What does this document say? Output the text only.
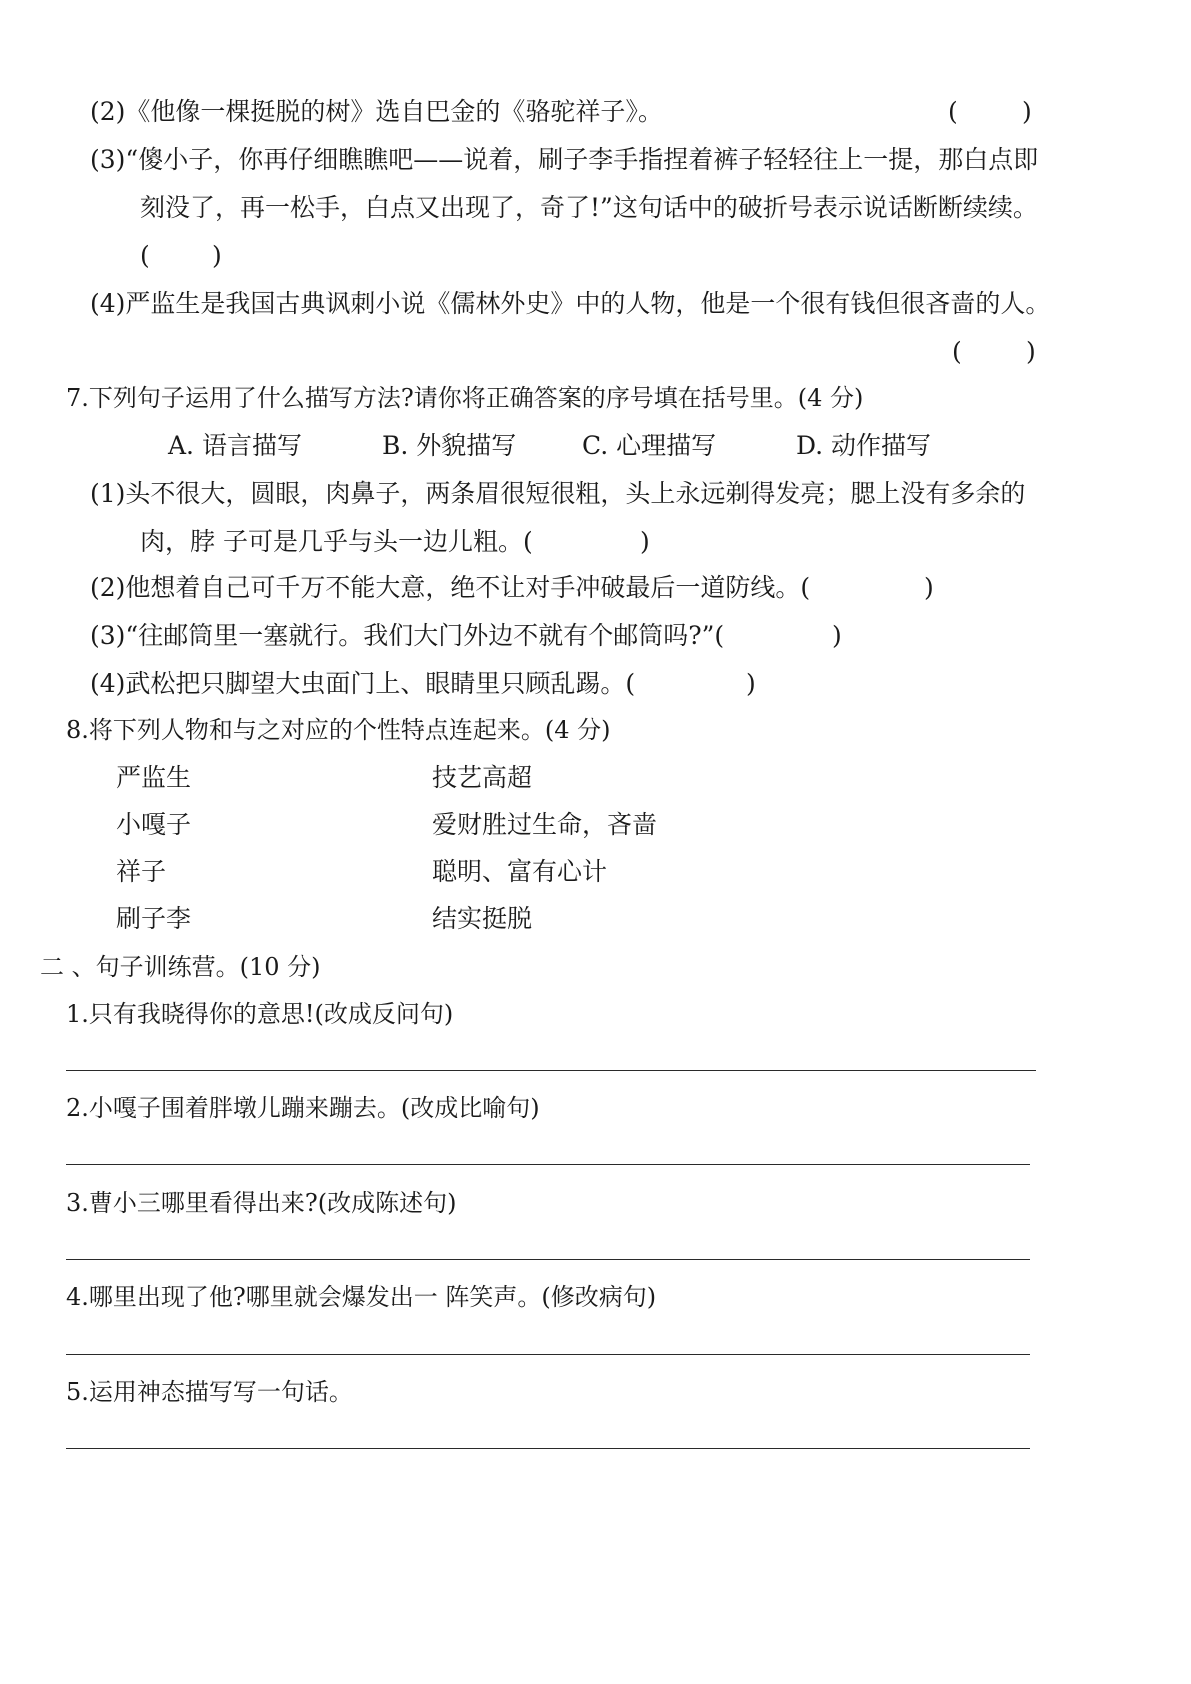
(2)《他像一棵挺脱的树》选自巴金的《骆驼祥子》。	(	)
(3)“傻小子，你再仔细瞧瞧吧——说着，刷子李手指捏着裤子轻轻往上一提，那白点即
刻没了，再一松手，白点又出现了，奇了!”这句话中的破折号表示说话断断续续。
( )
(4)严监生是我国古典讽刺小说《儒林外史》中的人物，他是一个很有钱但很吝啬的人。
(	)
7.下列句子运用了什么描写方法?请你将正确答案的序号填在括号里。(4 分)
A. 语言描写	B. 外貌描写	C. 心理描写	D. 动作描写
(1)头不很大，圆眼，肉鼻子，两条眉很短很粗，头上永远剃得发亮；腮上没有多余的
肉，脖 子可是几乎与头一边儿粗。(	)
(2)他想着自己可千万不能大意，绝不让对手冲破最后一道防线。(	)
(3)“往邮筒里一塞就行。我们大门外边不就有个邮筒吗?”(	)
(4)武松把只脚望大虫面门上、眼睛里只顾乱踢。(	)
8.将下列人物和与之对应的个性特点连起来。(4 分)
严监生	技艺高超
小嘎子	爱财胜过生命，吝啬
祥子	聪明、富有心计
刷子李	结实挺脱
二 、句子训练营。(10 分)
1.只有我晓得你的意思!(改成反问句)
2.小嘎子围着胖墩儿蹦来蹦去。(改成比喻句)
3.曹小三哪里看得出来?(改成陈述句)
4.哪里出现了他?哪里就会爆发出一 阵笑声。(修改病句)
5.运用神态描写写一句话。
